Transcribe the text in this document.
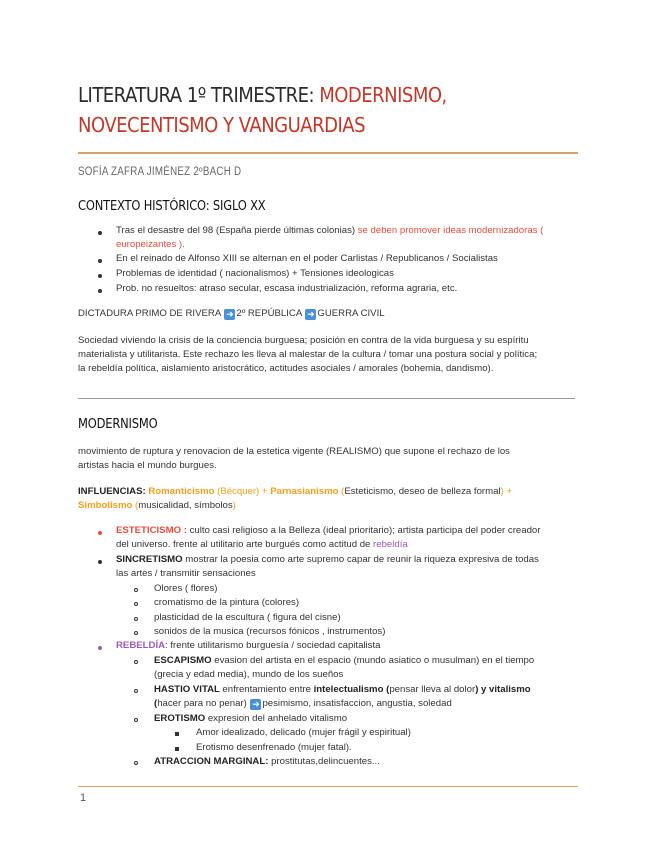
LITERATURA 1º TRIMESTRE: MODERNISMO, NOVECENTISMO Y VANGUARDIAS
SOFÍA ZAFRA JIMÉNEZ 2ºBACH D
CONTEXTO HISTÓRICO: SIGLO XX
Tras el desastre del 98 (España pierde últimas colonias) se deben promover ideas modernizadoras (
europeizantes ).
En el reinado de Alfonso XIII se alternan en el poder Carlistas / Republicanos / Socialistas
Problemas de identidad ( nacionalismos) + Tensiones ideologicas
Prob. no resueltos: atraso secular, escasa industrialización, reforma agraria, etc.
DICTADURA PRIMO DE RIVERA ➜ 2º REPÚBLICA ➜ GUERRA CIVIL
Sociedad viviendo la crisis de la conciencia burguesa; posición en contra de la vida burguesa y su espíritu
materialista y utilitarista. Este rechazo les lleva al malestar de la cultura / tomar una postura social y política;
la rebeldía política, aislamiento aristocrático, actitudes asociales / amorales (bohemia, dandismo).
MODERNISMO
movimiento de ruptura y renovacion de la estetica vigente (REALISMO) que supone el rechazo de los
artistas hacia el mundo burgues.
INFLUENCIAS: Romanticismo (Bécquer) + Parnasianismo (Esteticismo, deseo de belleza formal) +
Simbolismo (musicalidad, símbolos)
ESTETICISMO : culto casi religioso a la Belleza (ideal prioritario); artista participa del poder creador
del universo. frente al utilitario arte burgués como actitud de rebeldía
SINCRETISMO mostrar la poesia como arte supremo capar de reunir la riqueza expresiva de todas
las artes / transmitir sensaciones
Olores ( flores)
cromatismo de la pintura (colores)
plasticidad de la escultura ( figura del cisne)
sonidos de la musica (recursos fónicos , instrumentos)
REBELDÍA: frente utilitarismo burguesía / sociedad capitalista
ESCAPISMO evasion del artista en el espacio (mundo asiatico o musulman) en el tiempo
(grecia y edad media), mundo de los sueños
HASTIO VITAL enfrentamiento entre intelectualismo (pensar lleva al dolor) y vitalismo
(hacer para no penar) ➜ pesimismo, insatisfaccion, angustia, soledad
EROTISMO expresion del anhelado vitalismo
Amor idealizado, delicado (mujer frágil y espiritual)
Erotismo desenfrenado (mujer fatal).
ATRACCION MARGINAL: prostitutas,delincuentes...
1
